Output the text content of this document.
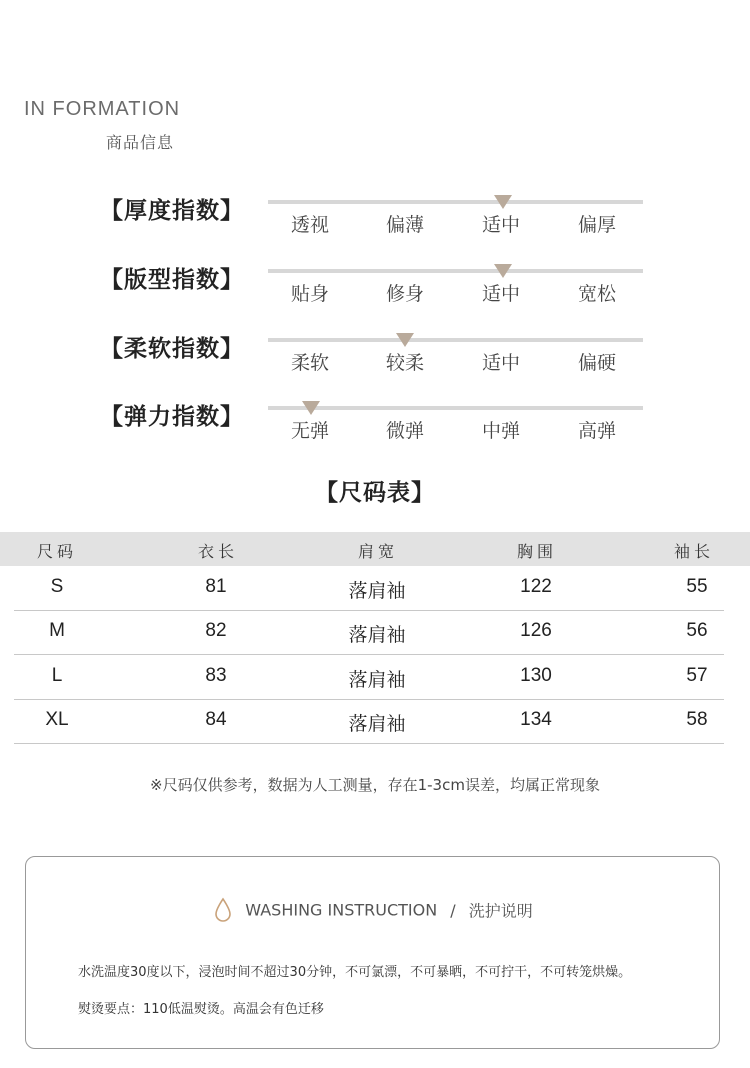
IN FORMATION
商品信息
【厚度指数】
透视	偏薄	适中	偏厚
【版型指数】
贴身	修身	适中	宽松
【柔软指数】
柔软	较柔	适中	偏硬
【弹力指数】
无弹	微弹	中弹	高弹
【尺码表】
尺码	衣长	肩宽	胸围	袖长
S	81	落肩袖	122	55
M	82	落肩袖	126	56
L	83	落肩袖	130	57
XL	84	落肩袖	134	58
※尺码仅供参考，数据为人工测量，存在1-3cm误差，均属正常现象
WASHING INSTRUCTION / 洗护说明
水洗温度30度以下，浸泡时间不超过30分钟，不可氯漂，不可暴晒，不可拧干，不可转笼烘燥。
熨烫要点：110低温熨烫。高温会有色迁移
